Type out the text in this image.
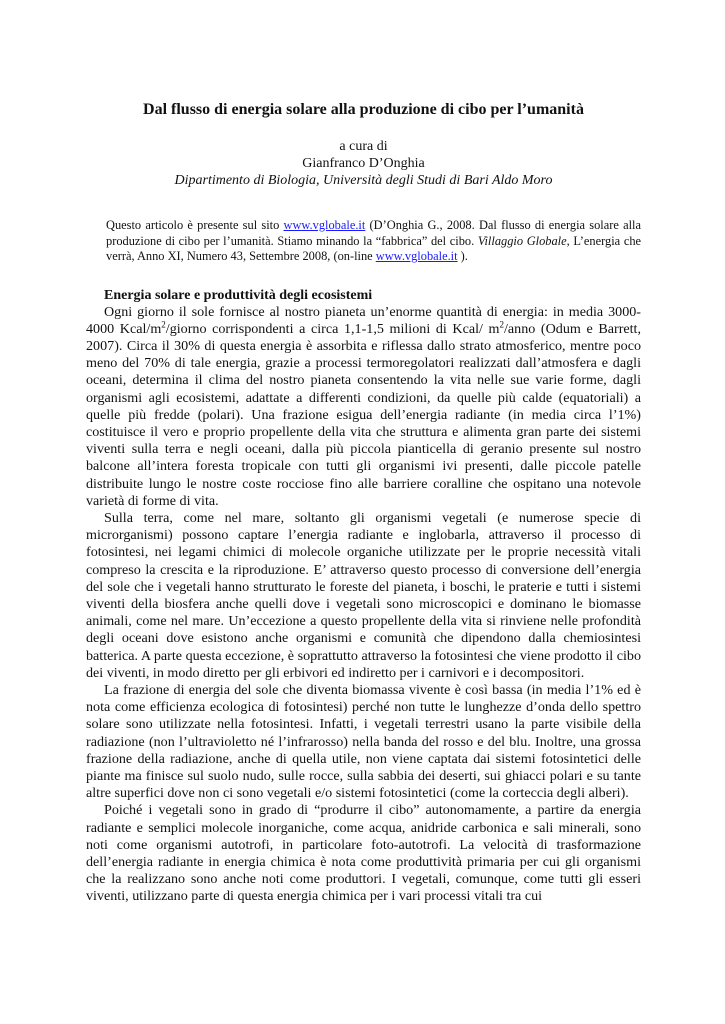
Dal flusso di energia solare alla produzione di cibo per l’umanità
a cura di
Gianfranco D’Onghia
Dipartimento di Biologia, Università degli Studi di Bari Aldo Moro
Questo articolo è presente sul sito www.vglobale.it (D’Onghia G., 2008. Dal flusso di energia solare alla produzione di cibo per l’umanità. Stiamo minando la “fabbrica” del cibo. Villaggio Globale, L’energia che verrà, Anno XI, Numero 43, Settembre 2008, (on-line www.vglobale.it ).
Energia solare e produttività degli ecosistemi

Ogni giorno il sole fornisce al nostro pianeta un’enorme quantità di energia: in media 3000-4000 Kcal/$m^2$/giorno corrispondenti a circa 1,1-1,5 milioni di Kcal/ $m^2$/anno (Odum e Barrett, 2007). Circa il 30% di questa energia è assorbita e riflessa dallo strato atmosferico, mentre poco meno del 70% di tale energia, grazie a processi termoregolatori realizzati dall’atmosfera e dagli oceani, determina il clima del nostro pianeta consentendo la vita nelle sue varie forme, dagli organismi agli ecosistemi, adattate a differenti condizioni, da quelle più calde (equatoriali) a quelle più fredde (polari). Una frazione esigua dell’energia radiante (in media circa l’1%) costituisce il vero e proprio propellente della vita che struttura e alimenta gran parte dei sistemi viventi sulla terra e negli oceani, dalla più piccola pianticella di geranio presente sul nostro balcone all’intera foresta tropicale con tutti gli organismi ivi presenti, dalle piccole patelle distribuite lungo le nostre coste rocciose fino alle barriere coralline che ospitano una notevole varietà di forme di vita.

Sulla terra, come nel mare, soltanto gli organismi vegetali (e numerose specie di microrganismi) possono captare l’energia radiante e inglobarla, attraverso il processo di fotosintesi, nei legami chimici di molecole organiche utilizzate per le proprie necessità vitali compreso la crescita e la riproduzione. E’ attraverso questo processo di conversione dell’energia del sole che i vegetali hanno strutturato le foreste del pianeta, i boschi, le praterie e tutti i sistemi viventi della biosfera anche quelli dove i vegetali sono microscopici e dominano le biomasse animali, come nel mare. Un’eccezione a questo propellente della vita si rinviene nelle profondità degli oceani dove esistono anche organismi e comunità che dipendono dalla chemiosintesi batterica. A parte questa eccezione, è soprattutto attraverso la fotosintesi che viene prodotto il cibo dei viventi, in modo diretto per gli erbivori ed indiretto per i carnivori e i decompositori.

La frazione di energia del sole che diventa biomassa vivente è così bassa (in media l’1% ed è nota come efficienza ecologica di fotosintesi) perché non tutte le lunghezze d’onda dello spettro solare sono utilizzate nella fotosintesi. Infatti, i vegetali terrestri usano la parte visibile della radiazione (non l’ultravioletto né l’infrarosso) nella banda del rosso e del blu. Inoltre, una grossa frazione della radiazione, anche di quella utile, non viene captata dai sistemi fotosintetici delle piante ma finisce sul suolo nudo, sulle rocce, sulla sabbia dei deserti, sui ghiacci polari e su tante altre superfici dove non ci sono vegetali e/o sistemi fotosintetici (come la corteccia degli alberi).

Poiché i vegetali sono in grado di “produrre il cibo” autonomamente, a partire da energia radiante e semplici molecole inorganiche, come acqua, anidride carbonica e sali minerali, sono noti come organismi autotrofi, in particolare foto-autotrofi. La velocità di trasformazione dell’energia radiante in energia chimica è nota come produttività primaria per cui gli organismi che la realizzano sono anche noti come produttori. I vegetali, comunque, come tutti gli esseri viventi, utilizzano parte di questa energia chimica per i vari processi vitali tra cui
